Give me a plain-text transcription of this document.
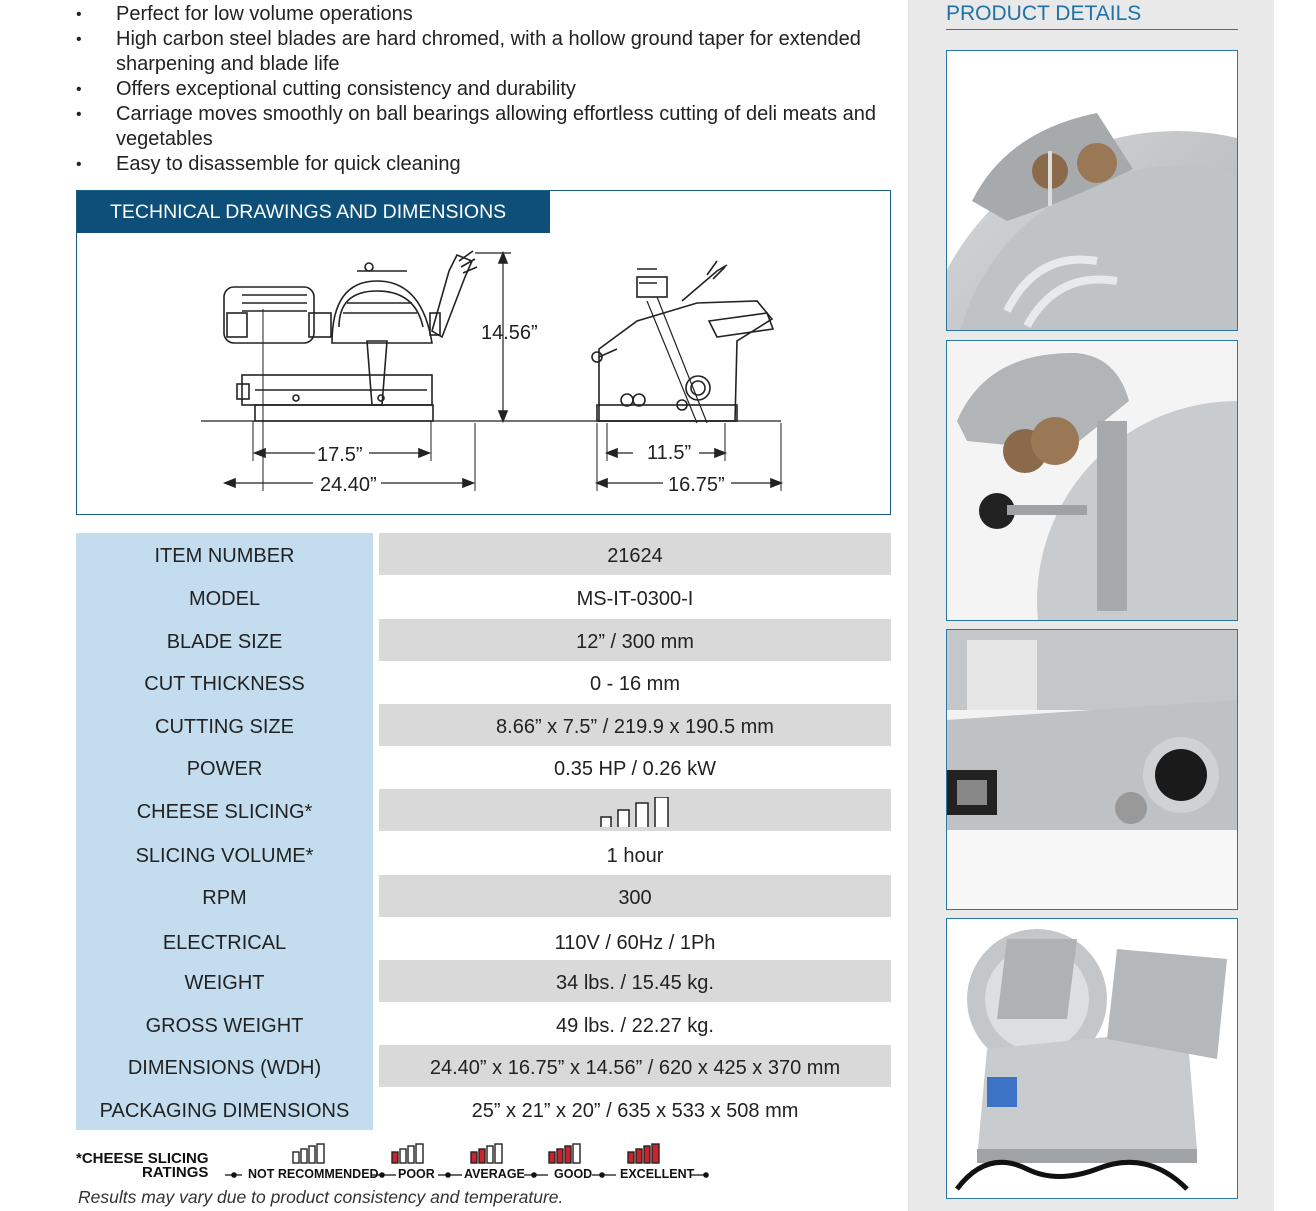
• Perfect for low volume operations
• High carbon steel blades are hard chromed, with a hollow ground taper for extended sharpening and blade life
• Offers exceptional cutting consistency and durability
• Carriage moves smoothly on ball bearings allowing effortless cutting of deli meats and vegetables
• Easy to disassemble for quick cleaning
TECHNICAL DRAWINGS AND DIMENSIONS
14.56”
17.5”
24.40”
11.5”
16.75”
ITEM NUMBER	21624
MODEL	MS-IT-0300-I
BLADE SIZE	12” / 300 mm
CUT THICKNESS	0 - 16 mm
CUTTING SIZE	8.66” x 7.5” / 219.9 x 190.5 mm
POWER	0.35 HP / 0.26 kW
CHEESE SLICING*
SLICING VOLUME*	1 hour
RPM	300
ELECTRICAL	110V / 60Hz / 1Ph
WEIGHT	34 lbs. / 15.45 kg.
GROSS WEIGHT	49 lbs. / 22.27 kg.
DIMENSIONS (WDH)	24.40” x 16.75” x 14.56” / 620 x 425 x 370 mm
PACKAGING DIMENSIONS	25” x 21” x 20” / 635 x 533 x 508 mm
*CHEESE SLICING
RATINGS	NOT RECOMMENDED POOR AVERAGE GOOD EXCELLENT
Results may vary due to product consistency and temperature.
PRODUCT DETAILS
